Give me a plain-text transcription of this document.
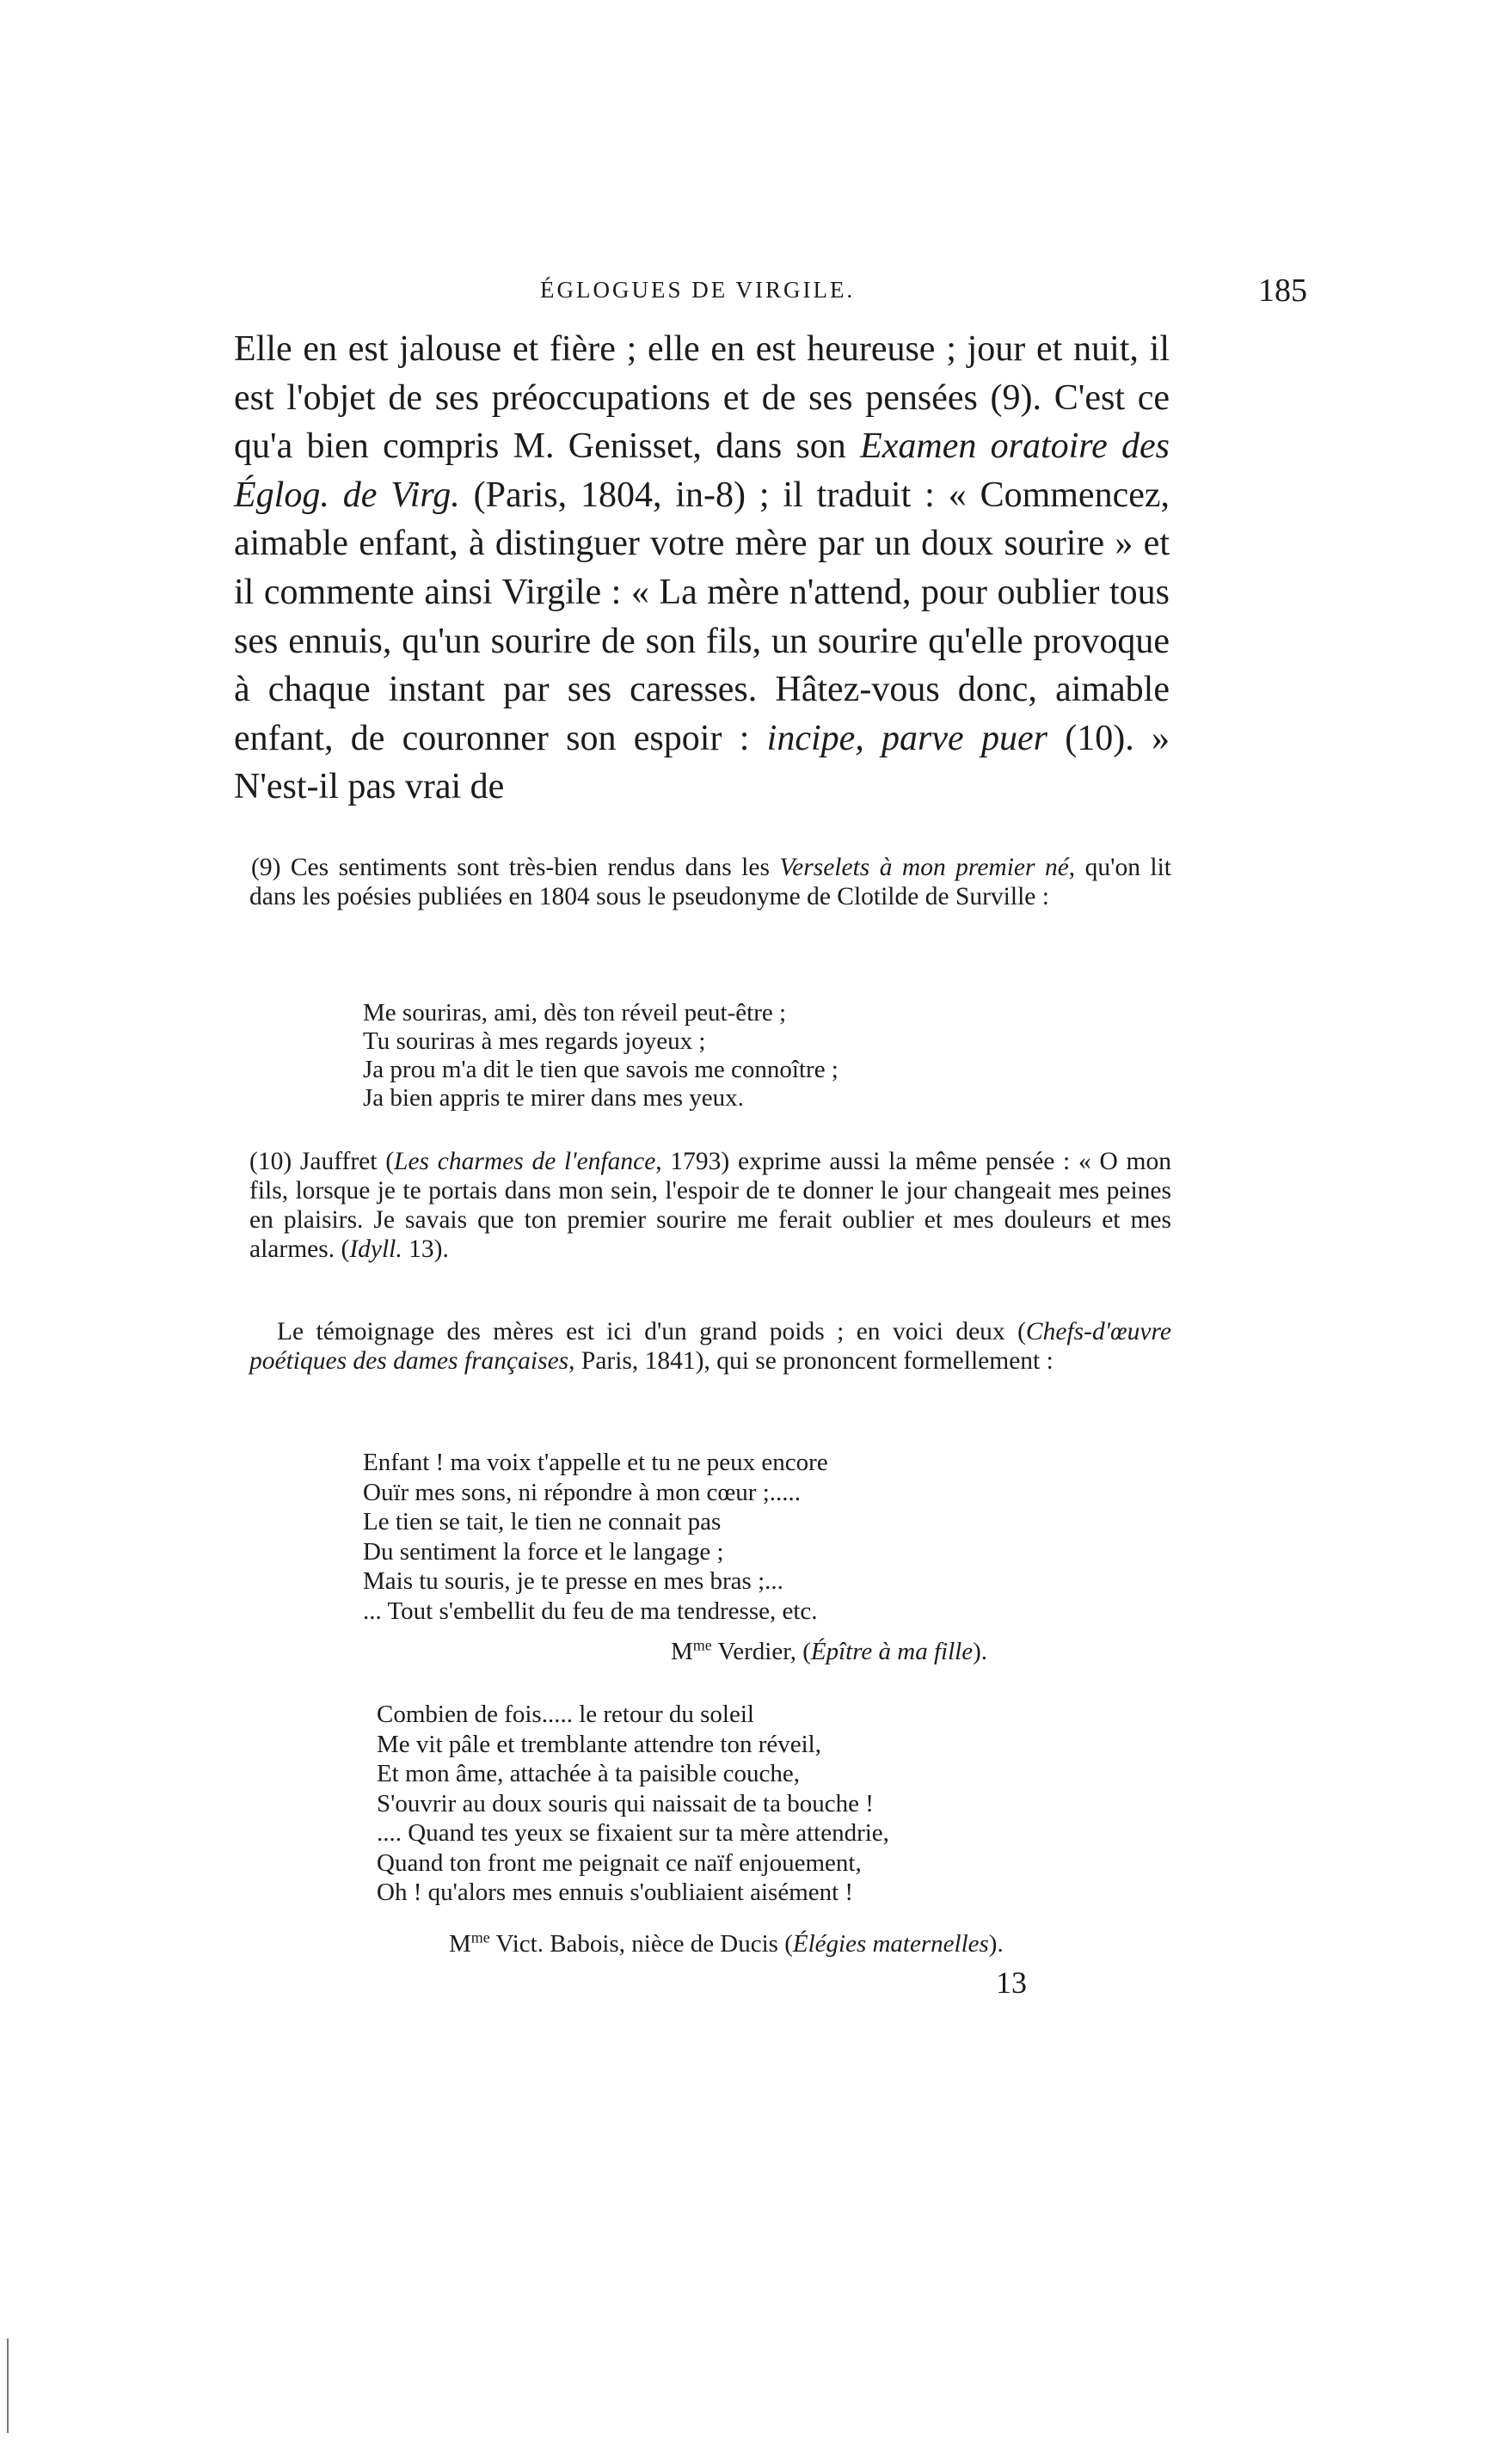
ÉGLOGUES DE VIRGILE.	185

Elle en est jalouse et fière ; elle en est heureuse ; jour et nuit, il est l'objet de ses préoccupations et de ses pensées (9). C'est ce qu'a bien compris M. Genisset, dans son Examen oratoire des Églog. de Virg. (Paris, 1804, in-8) ; il traduit : « Commencez, aimable enfant, à distinguer votre mère par un doux sourire » et il commente ainsi Virgile : « La mère n'attend, pour oublier tous ses ennuis, qu'un sourire de son fils, un sourire qu'elle provoque à chaque instant par ses caresses. Hâtez-vous donc, aimable enfant, de couronner son espoir : incipe, parve puer (10). » N'est-il pas vrai de

(9) Ces sentiments sont très-bien rendus dans les Verselets à mon premier né, qu'on lit dans les poésies publiées en 1804 sous le pseudonyme de Clotilde de Surville :

Me souriras, ami, dès ton réveil peut-être ;
Tu souriras à mes regards joyeux ;
Ja prou m'a dit le tien que savois me connoître ;
Ja bien appris te mirer dans mes yeux.

(10) Jauffret (Les charmes de l'enfance, 1793) exprime aussi la même pensée : « O mon fils, lorsque je te portais dans mon sein, l'espoir de te donner le jour changeait mes peines en plaisirs. Je savais que ton premier sourire me ferait oublier et mes douleurs et mes alarmes. (Idyll. 13).

Le témoignage des mères est ici d'un grand poids ; en voici deux (Chefs-d'œuvre poétiques des dames françaises, Paris, 1841), qui se prononcent formellement :

Enfant ! ma voix t'appelle et tu ne peux encore
Ouïr mes sons, ni répondre à mon cœur ;.....
Le tien se tait, le tien ne connait pas
Du sentiment la force et le langage ;
Mais tu souris, je te presse en mes bras ;...
... Tout s'embellit du feu de ma tendresse, etc.

$M^{me}$ Verdier, (Épître à ma fille).

Combien de fois..... le retour du soleil
Me vit pâle et tremblante attendre ton réveil,
Et mon âme, attachée à ta paisible couche,
S'ouvrir au doux souris qui naissait de ta bouche !
.... Quand tes yeux se fixaient sur ta mère attendrie,
Quand ton front me peignait ce naïf enjouement,
Oh ! qu'alors mes ennuis s'oubliaient aisément !

$M^{me}$ Vict. Babois, nièce de Ducis (Élégies maternelles).
13
